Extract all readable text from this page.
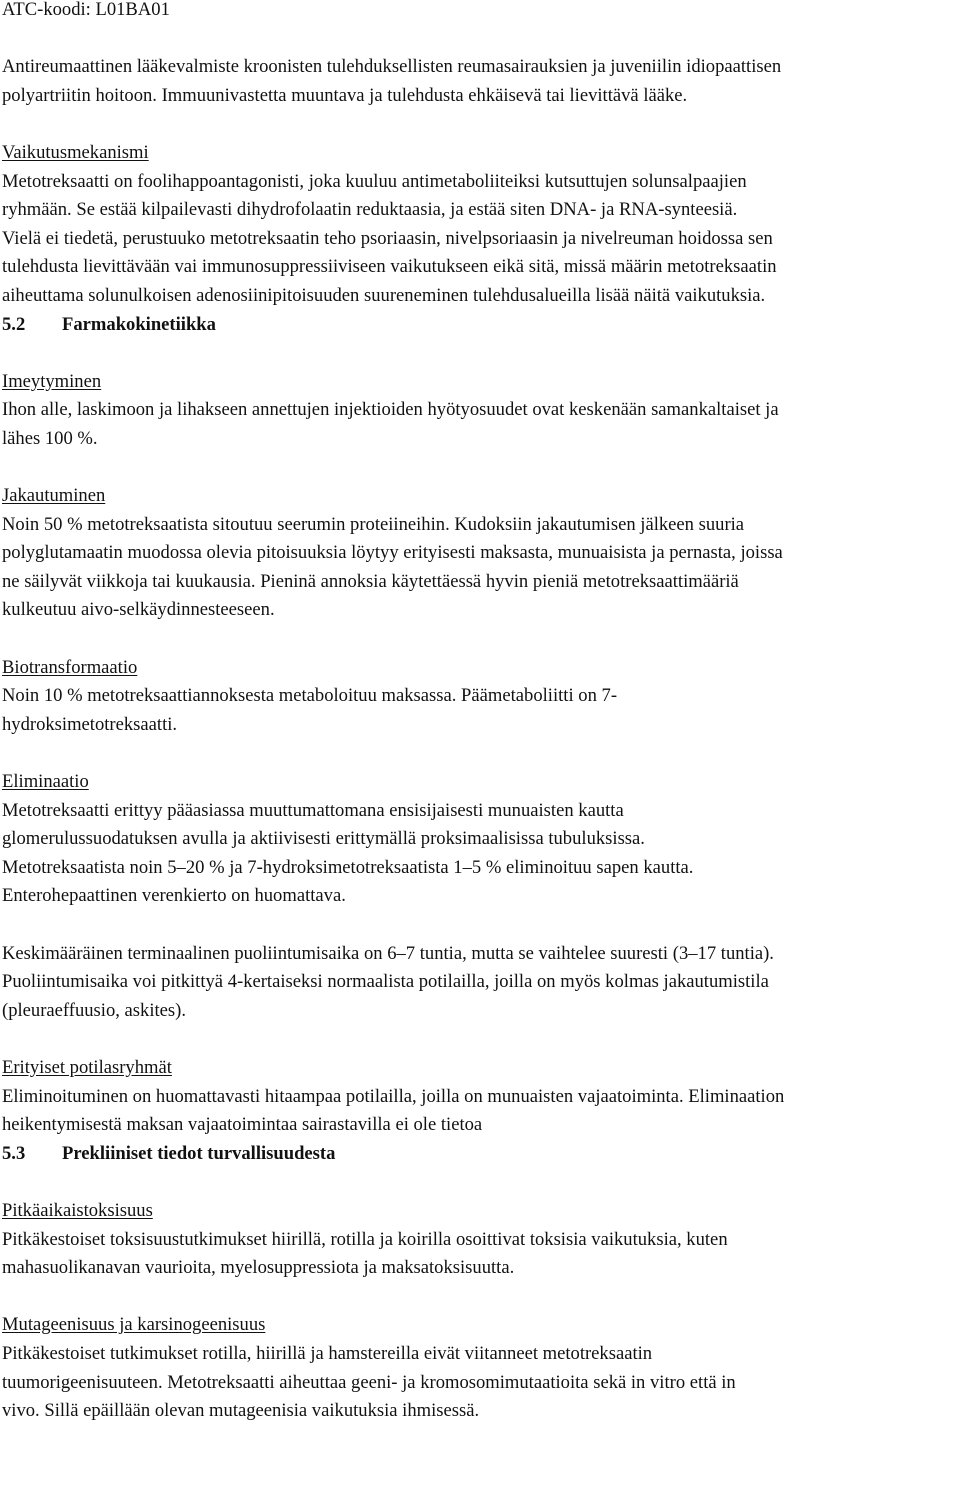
ATC-koodi: L01BA01

Antireumaattinen lääkevalmiste kroonisten tulehduksellisten reumasairauksien ja juveniilin idiopaattisen
polyartriitin hoitoon. Immuunivastetta muuntava ja tulehdusta ehkäisevä tai lievittävä lääke.

Vaikutusmekanismi
Metotreksaatti on foolihappoantagonisti, joka kuuluu antimetaboliiteiksi kutsuttujen solunsalpaajien
ryhmään. Se estää kilpailevasti dihydrofolaatin reduktaasia, ja estää siten DNA- ja RNA-synteesiä.
Vielä ei tiedetä, perustuuko metotreksaatin teho psoriaasin, nivelpsoriaasin ja nivelreuman hoidossa sen
tulehdusta lievittävään vai immunosuppressiiviseen vaikutukseen eikä sitä, missä määrin metotreksaatin
aiheuttama solunulkoisen adenosiinipitoisuuden suureneminen tulehdusalueilla lisää näitä vaikutuksia.

5.2 Farmakokinetiikka

Imeytyminen
Ihon alle, laskimoon ja lihakseen annettujen injektioiden hyötyosuudet ovat keskenään samankaltaiset ja
lähes 100 %.

Jakautuminen
Noin 50 % metotreksaatista sitoutuu seerumin proteiineihin. Kudoksiin jakautumisen jälkeen suuria
polyglutamaatin muodossa olevia pitoisuuksia löytyy erityisesti maksasta, munuaisista ja pernasta, joissa
ne säilyvät viikkoja tai kuukausia. Pieninä annoksia käytettäessä hyvin pieniä metotreksaattimääriä
kulkeutuu aivo-selkäydinnesteeseen.

Biotransformaatio
Noin 10 % metotreksaattiannoksesta metaboloituu maksassa. Päämetaboliitti on 7-
hydroksimetotreksaatti.

Eliminaatio
Metotreksaatti erittyy pääasiassa muuttumattomana ensisijaisesti munuaisten kautta
glomerulussuodatuksen avulla ja aktiivisesti erittymällä proksimaalisissa tubuluksissa.
Metotreksaatista noin 5–20 % ja 7-hydroksimetotreksaatista 1–5 % eliminoituu sapen kautta.
Enterohepaattinen verenkierto on huomattava.

Keskimääräinen terminaalinen puoliintumisaika on 6–7 tuntia, mutta se vaihtelee suuresti (3–17 tuntia).
Puoliintumisaika voi pitkittyä 4-kertaiseksi normaalista potilailla, joilla on myös kolmas jakautumistila
(pleuraeffuusio, askites).

Erityiset potilasryhmät
Eliminoituminen on huomattavasti hitaampaa potilailla, joilla on munuaisten vajaatoiminta. Eliminaation
heikentymisestä maksan vajaatoimintaa sairastavilla ei ole tietoa

5.3 Prekliiniset tiedot turvallisuudesta

Pitkäaikaistoksisuus
Pitkäkestoiset toksisuustutkimukset hiirillä, rotilla ja koirilla osoittivat toksisia vaikutuksia, kuten
mahasuolikanavan vaurioita, myelosuppressiota ja maksatoksisuutta.

Mutageenisuus ja karsinogeenisuus
Pitkäkestoiset tutkimukset rotilla, hiirillä ja hamstereilla eivät viitanneet metotreksaatin
tuumorigeenisuuteen. Metotreksaatti aiheuttaa geeni- ja kromosomimutaatioita sekä in vitro että in
vivo. Sillä epäillään olevan mutageenisia vaikutuksia ihmisessä.
